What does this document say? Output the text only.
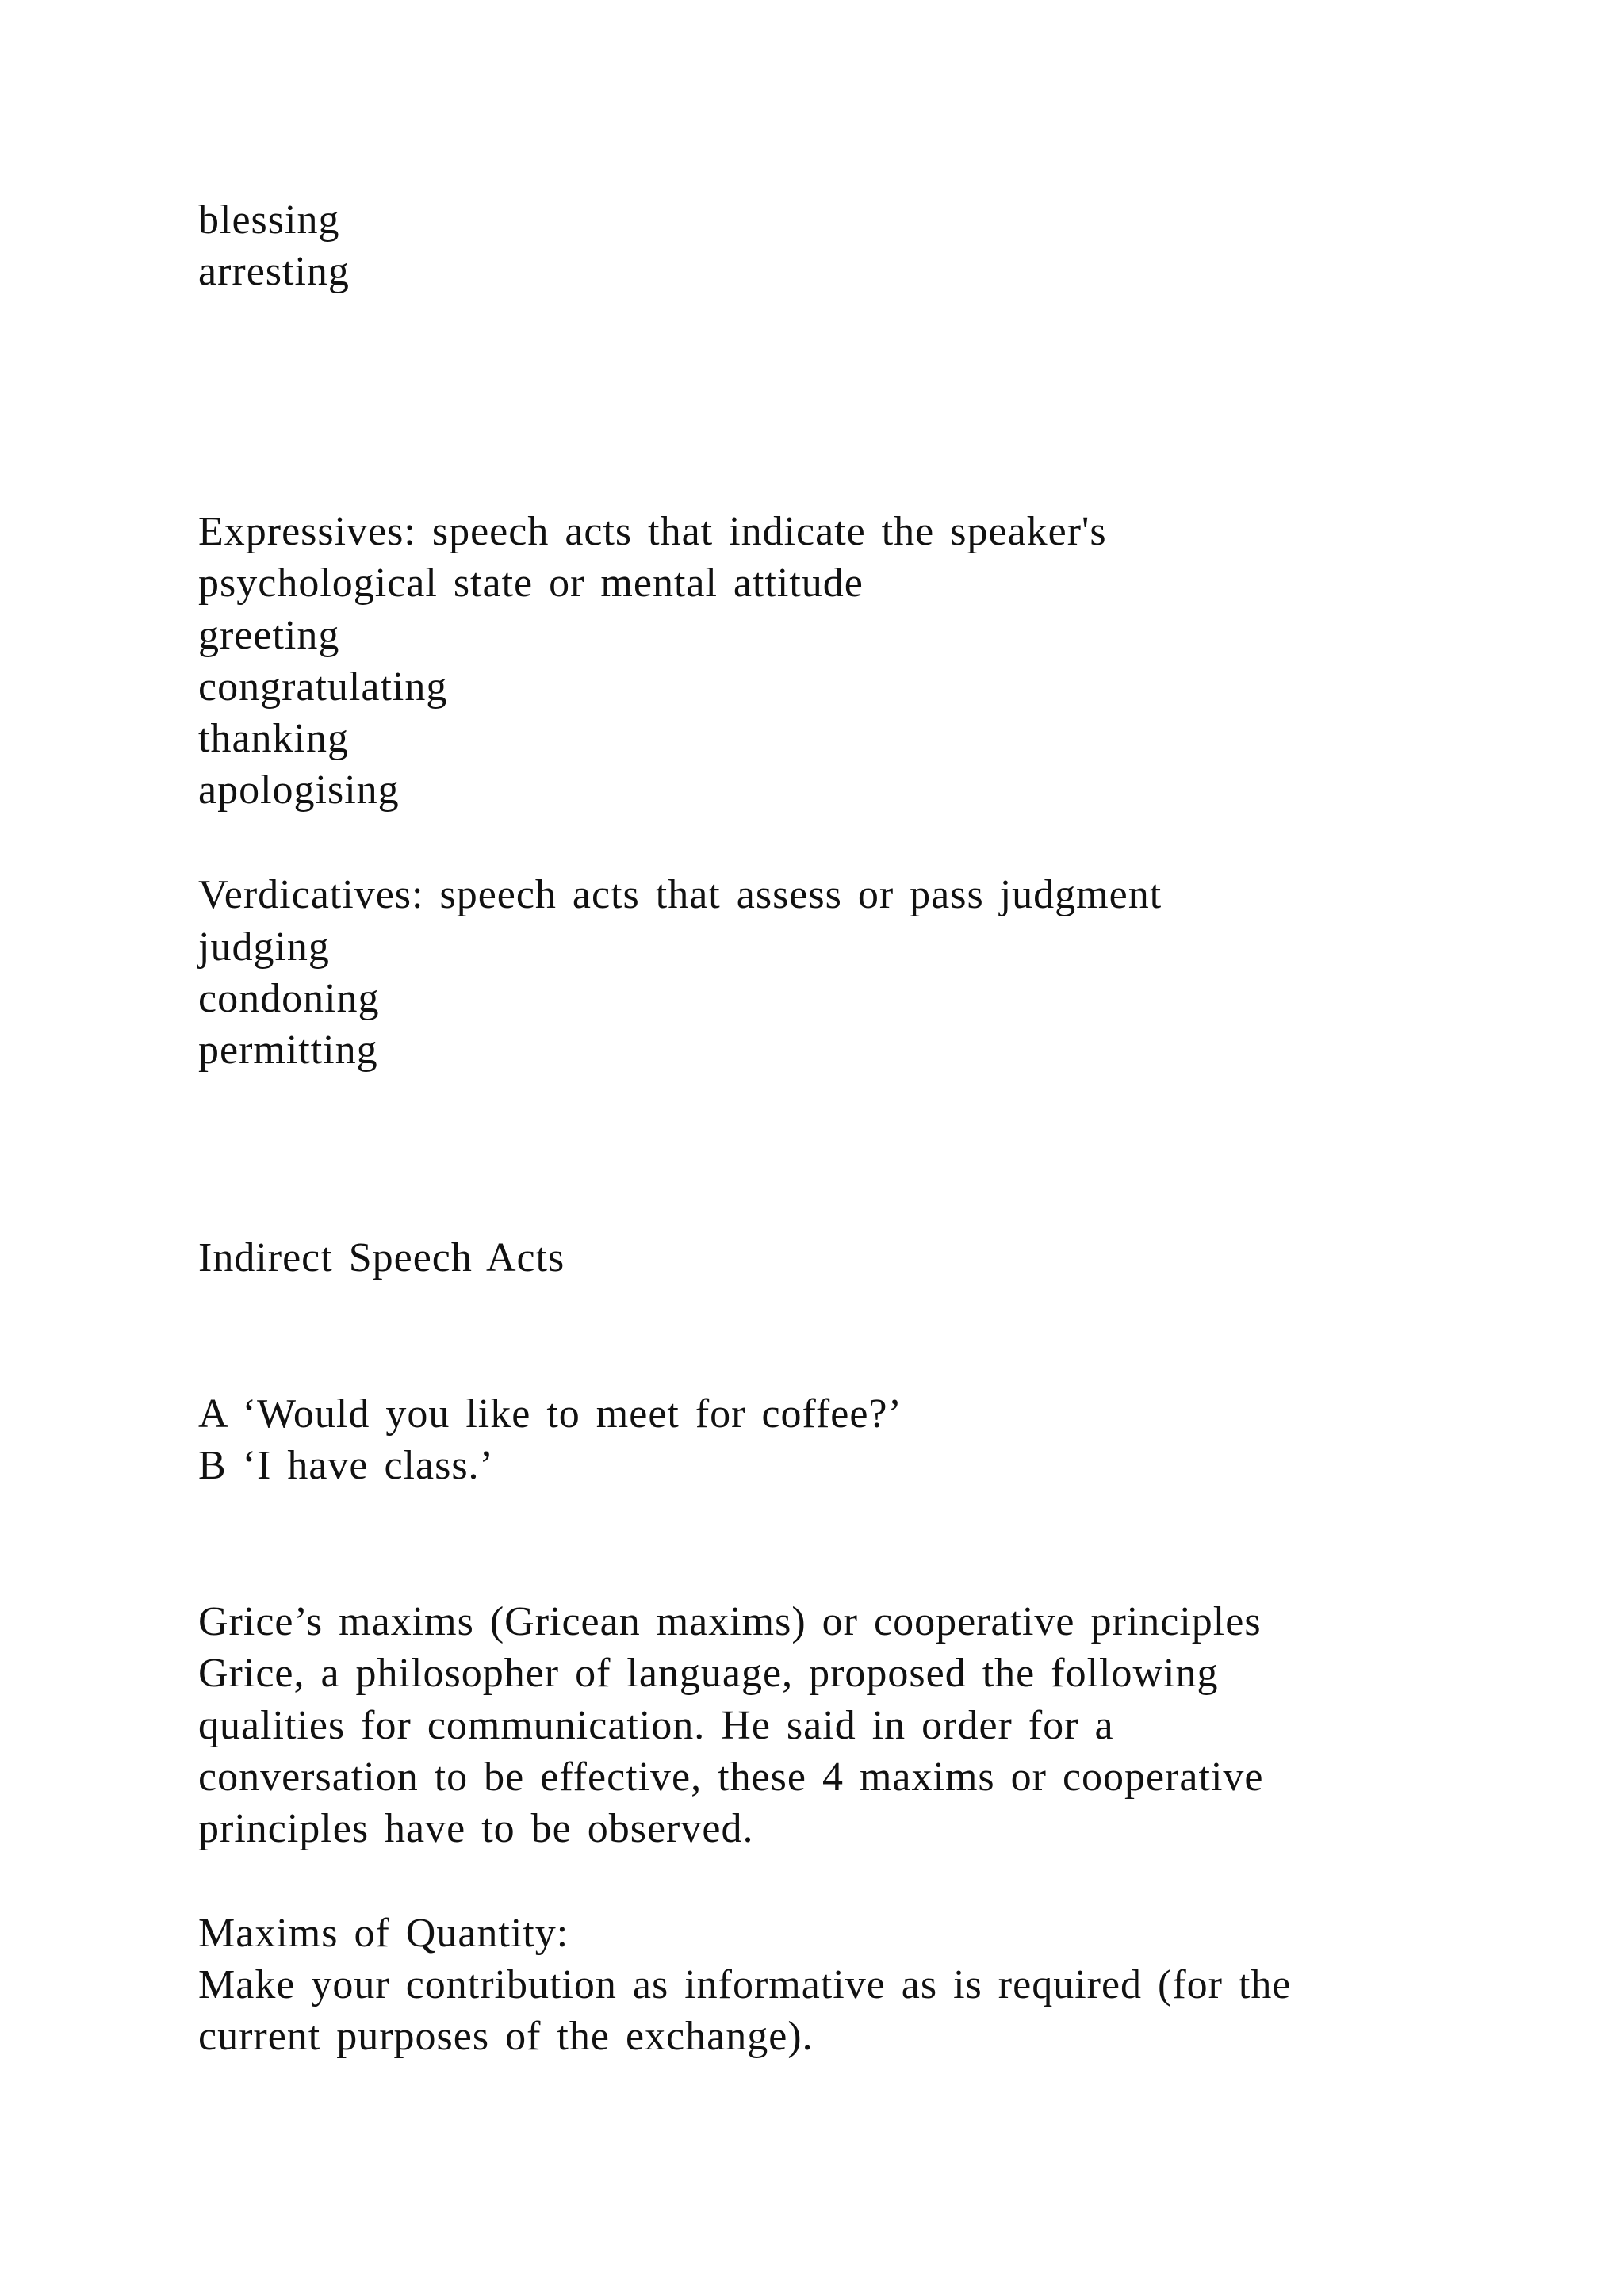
blessing

arresting

Expressives: speech acts that indicate the speaker's

psychological state or mental attitude

greeting

congratulating

thanking

apologising

Verdicatives: speech acts that assess or pass judgment

judging

condoning

permitting

Indirect Speech Acts

A ‘Would you like to meet for coffee?’

B ‘I have class.’

Grice’s maxims (Gricean maxims) or cooperative principles

Grice, a philosopher of language, proposed the following

qualities for communication. He said in order for a

conversation to be effective, these 4 maxims or cooperative

principles have to be observed.

Maxims of Quantity:

Make your contribution as informative as is required (for the

current purposes of the exchange).
